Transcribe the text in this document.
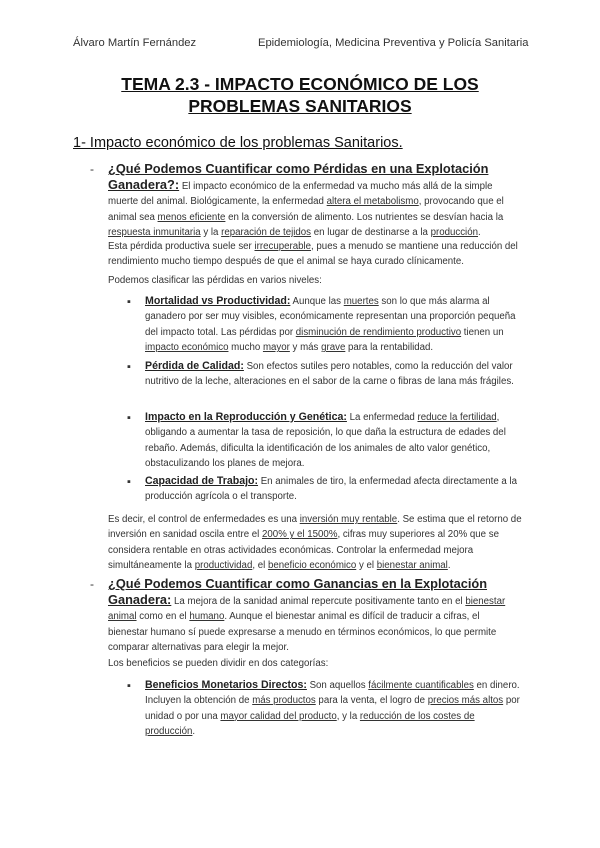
Álvaro Martín Fernández	Epidemiología, Medicina Preventiva y Policía Sanitaria
TEMA 2.3 - IMPACTO ECONÓMICO DE LOS
PROBLEMAS SANITARIOS
1- Impacto económico de los problemas Sanitarios.
- ¿Qué Podemos Cuantificar como Pérdidas en una Explotación
Ganadera?: El impacto económico de la enfermedad va mucho más allá de la simple muerte del animal. Biológicamente, la enfermedad altera el metabolismo, provocando que el animal sea menos eficiente en la conversión de alimento. Los nutrientes se desvían hacia la respuesta inmunitaria y la reparación de tejidos en lugar de destinarse a la producción.
Esta pérdida productiva suele ser irrecuperable, pues a menudo se mantiene una reducción del rendimiento mucho tiempo después de que el animal se haya curado clínicamente.
Podemos clasificar las pérdidas en varios niveles:
▪ Mortalidad vs Productividad: Aunque las muertes son lo que más alarma al ganadero por ser muy visibles, económicamente representan una proporción pequeña del impacto total. Las pérdidas por disminución de rendimiento productivo tienen un impacto económico mucho mayor y más grave para la rentabilidad.
▪ Pérdida de Calidad: Son efectos sutiles pero notables, como la reducción del valor nutritivo de la leche, alteraciones en el sabor de la carne o fibras de lana más frágiles.
▪ Impacto en la Reproducción y Genética: La enfermedad reduce la fertilidad, obligando a aumentar la tasa de reposición, lo que daña la estructura de edades del rebaño. Además, dificulta la identificación de los animales de alto valor genético, obstaculizando los planes de mejora.
▪ Capacidad de Trabajo: En animales de tiro, la enfermedad afecta directamente a la producción agrícola o el transporte.
Es decir, el control de enfermedades es una inversión muy rentable. Se estima que el retorno de inversión en sanidad oscila entre el 200% y el 1500%, cifras muy superiores al 20% que se considera rentable en otras actividades económicas. Controlar la enfermedad mejora simultáneamente la productividad, el beneficio económico y el bienestar animal.
- ¿Qué Podemos Cuantificar como Ganancias en la Explotación
Ganadera: La mejora de la sanidad animal repercute positivamente tanto en el bienestar animal como en el humano. Aunque el bienestar animal es difícil de traducir a cifras, el bienestar humano sí puede expresarse a menudo en términos económicos, lo que permite comparar alternativas para elegir la mejor.
Los beneficios se pueden dividir en dos categorías:
▪ Beneficios Monetarios Directos: Son aquellos fácilmente cuantificables en dinero. Incluyen la obtención de más productos para la venta, el logro de precios más altos por unidad o por una mayor calidad del producto, y la reducción de los costes de producción.
